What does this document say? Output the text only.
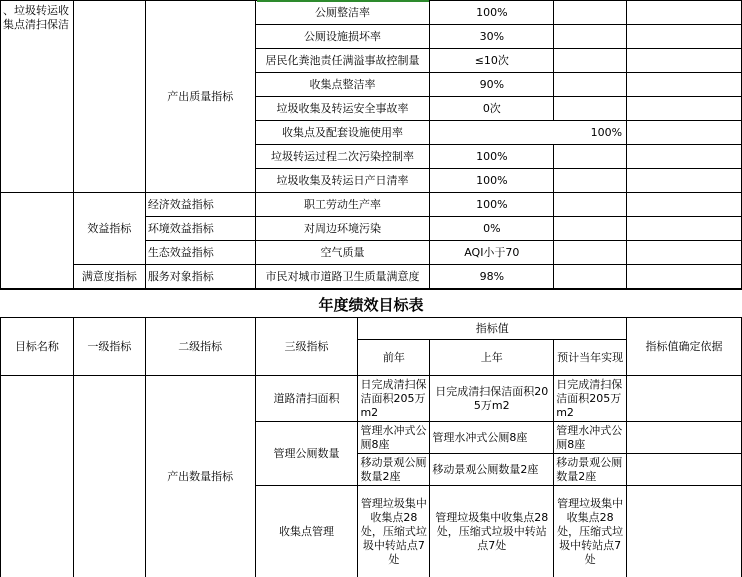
、垃圾转运收集点清扫保洁		产出质量指标	公厕整洁率	100%		
			公厕设施损坏率	30%		
			居民化粪池责任满溢事故控制量	≤10次		
			收集点整洁率	90%		
			垃圾收集及转运安全事故率	0次		
			收集点及配套设施使用率	100%		
			垃圾转运过程二次污染控制率	100%		
			垃圾收集及转运日产日清率	100%		
	效益指标	经济效益指标	职工劳动生产率	100%		
		环境效益指标	对周边环境污染	0%		
		生态效益指标	空气质量	AQI小于70		
	满意度指标	服务对象指标	市民对城市道路卫生质量满意度	98%		
年度绩效目标表
目标名称	一级指标	二级指标	三级指标	指标值			指标值确定依据
				前年	上年	预计当年实现	
		产出数量指标	道路清扫面积	日完成清扫保洁面积205万m2	日完成清扫保洁面积205万m2	日完成清扫保洁面积205万m2	
			管理公厕数量	管理水冲式公厕8座	管理水冲式公厕8座	管理水冲式公厕8座	
				移动景观公厕数量2座	移动景观公厕数量2座	移动景观公厕数量2座	
			收集点管理	管理垃圾集中收集点28处，压缩式垃圾中转站点7处	管理垃圾集中收集点28处，压缩式垃圾中转站点7处	管理垃圾集中收集点28处，压缩式垃圾中转站点7处	
